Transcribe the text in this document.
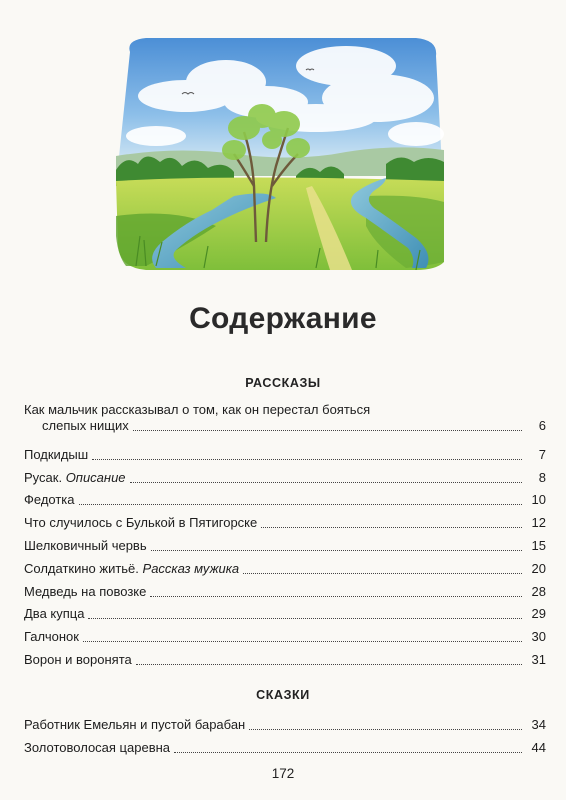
Содержание
РАССКАЗЫ
Как мальчик рассказывал о том, как он перестал бояться
слепых нищих	6
Подкидыш	7
Русак. Описание	8
Федотка	10
Что случилось с Булькой в Пятигорске	12
Шелковичный червь	15
Солдаткино житьё. Рассказ мужика	20
Медведь на повозке	28
Два купца	29
Галчонок	30
Ворон и воронята	31
СКАЗКИ
Работник Емельян и пустой барабан	34
Золотоволосая царевна	44
172
